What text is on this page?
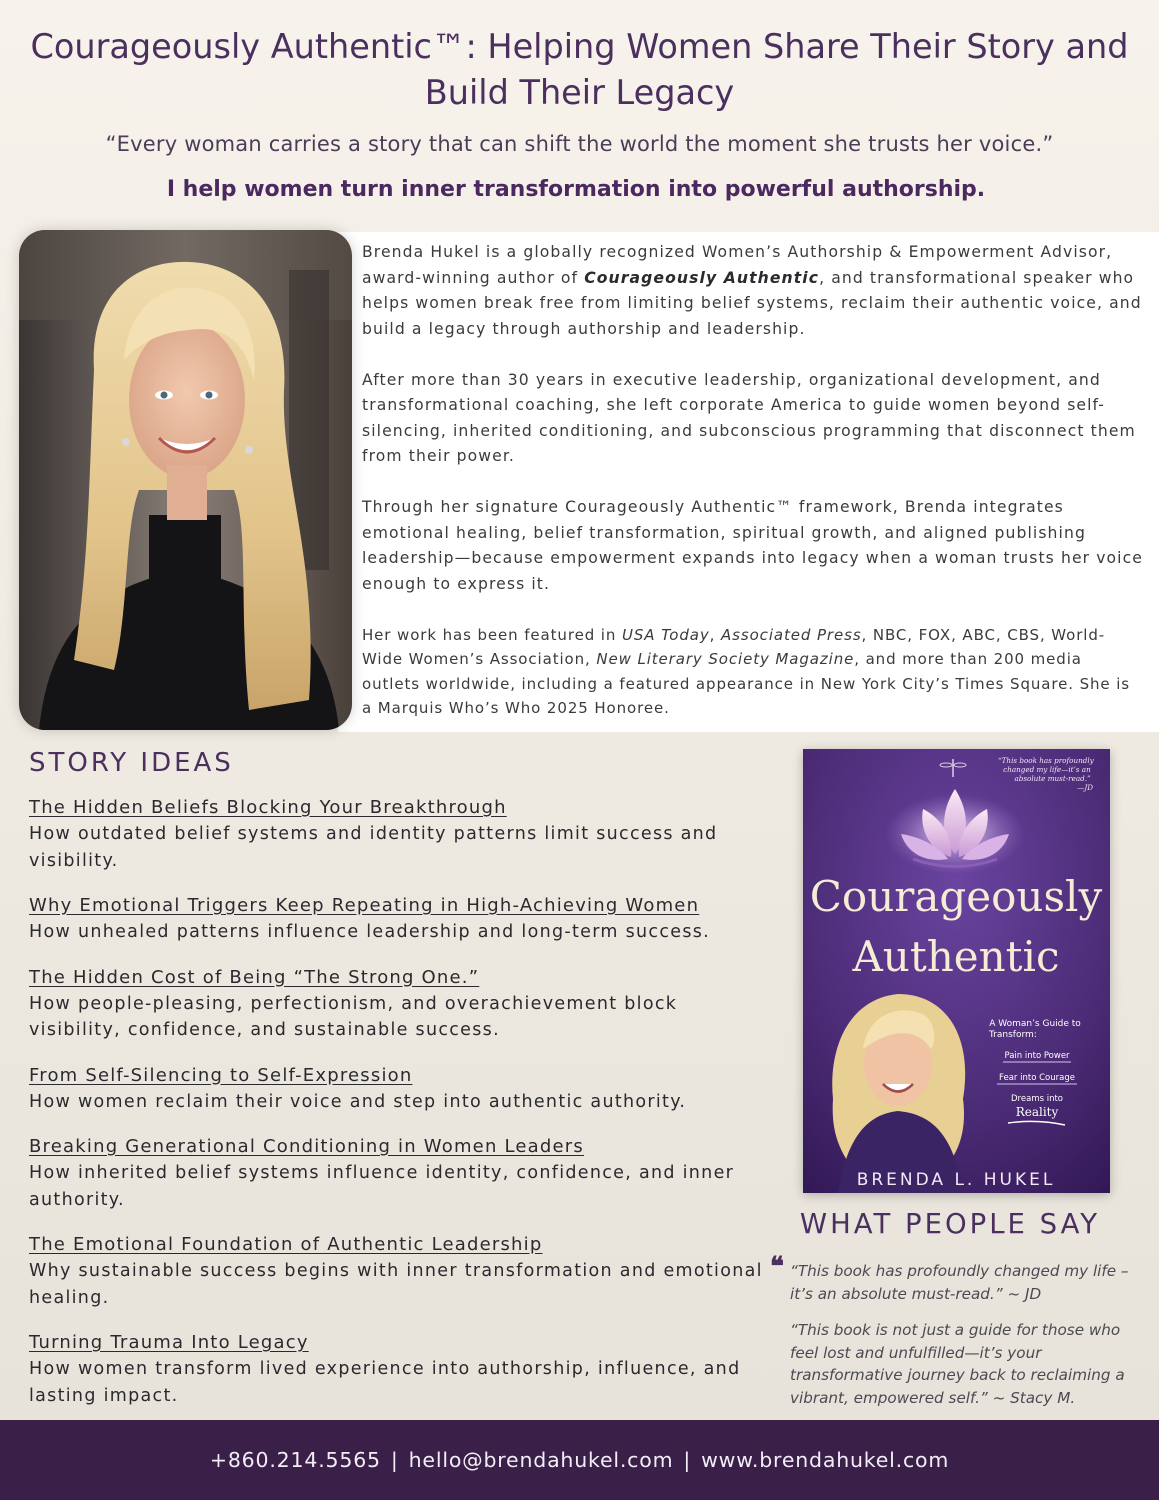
Courageously Authentic™: Helping Women Share Their Story and Build Their Legacy
“Every woman carries a story that can shift the world the moment she trusts her voice.”
I help women turn inner transformation into powerful authorship.

Brenda Hukel is a globally recognized Women’s Authorship & Empowerment Advisor, award-winning author of Courageously Authentic, and transformational speaker who helps women break free from limiting belief systems, reclaim their authentic voice, and build a legacy through authorship and leadership.

After more than 30 years in executive leadership, organizational development, and transformational coaching, she left corporate America to guide women beyond self-silencing, inherited conditioning, and subconscious programming that disconnect them from their power.

Through her signature Courageously Authentic™ framework, Brenda integrates emotional healing, belief transformation, spiritual growth, and aligned publishing leadership—because empowerment expands into legacy when a woman trusts her voice enough to express it.

Her work has been featured in USA Today, Associated Press, NBC, FOX, ABC, CBS, World-Wide Women’s Association, New Literary Society Magazine, and more than 200 media outlets worldwide, including a featured appearance in New York City’s Times Square. She is a Marquis Who’s Who 2025 Honoree.

STORY IDEAS
The Hidden Beliefs Blocking Your Breakthrough
How outdated belief systems and identity patterns limit success and visibility.
Why Emotional Triggers Keep Repeating in High-Achieving Women
How unhealed patterns influence leadership and long-term success.
The Hidden Cost of Being “The Strong One.”
How people-pleasing, perfectionism, and overachievement block visibility, confidence, and sustainable success.
From Self-Silencing to Self-Expression
How women reclaim their voice and step into authentic authority.
Breaking Generational Conditioning in Women Leaders
How inherited belief systems influence identity, confidence, and inner authority.
The Emotional Foundation of Authentic Leadership
Why sustainable success begins with inner transformation and emotional healing.
Turning Trauma Into Legacy
How women transform lived experience into authorship, influence, and lasting impact.
“This book has profoundly changed my life—it’s an absolute must-read.” —JD
Courageously
Authentic
A Woman’s Guide to
Transform:
Pain into Power
Fear into Courage
Dreams into
Reality
BRENDA L. HUKEL
WHAT PEOPLE SAY

❝ “This book has profoundly changed my life – it’s an absolute must-read.” ~ JD

“This book is not just a guide for those who feel lost and unfulfilled—it’s your transformative journey back to reclaiming a vibrant, empowered self.” ~ Stacy M.

+860.214.5565 | hello@brendahukel.com | www.brendahukel.com
